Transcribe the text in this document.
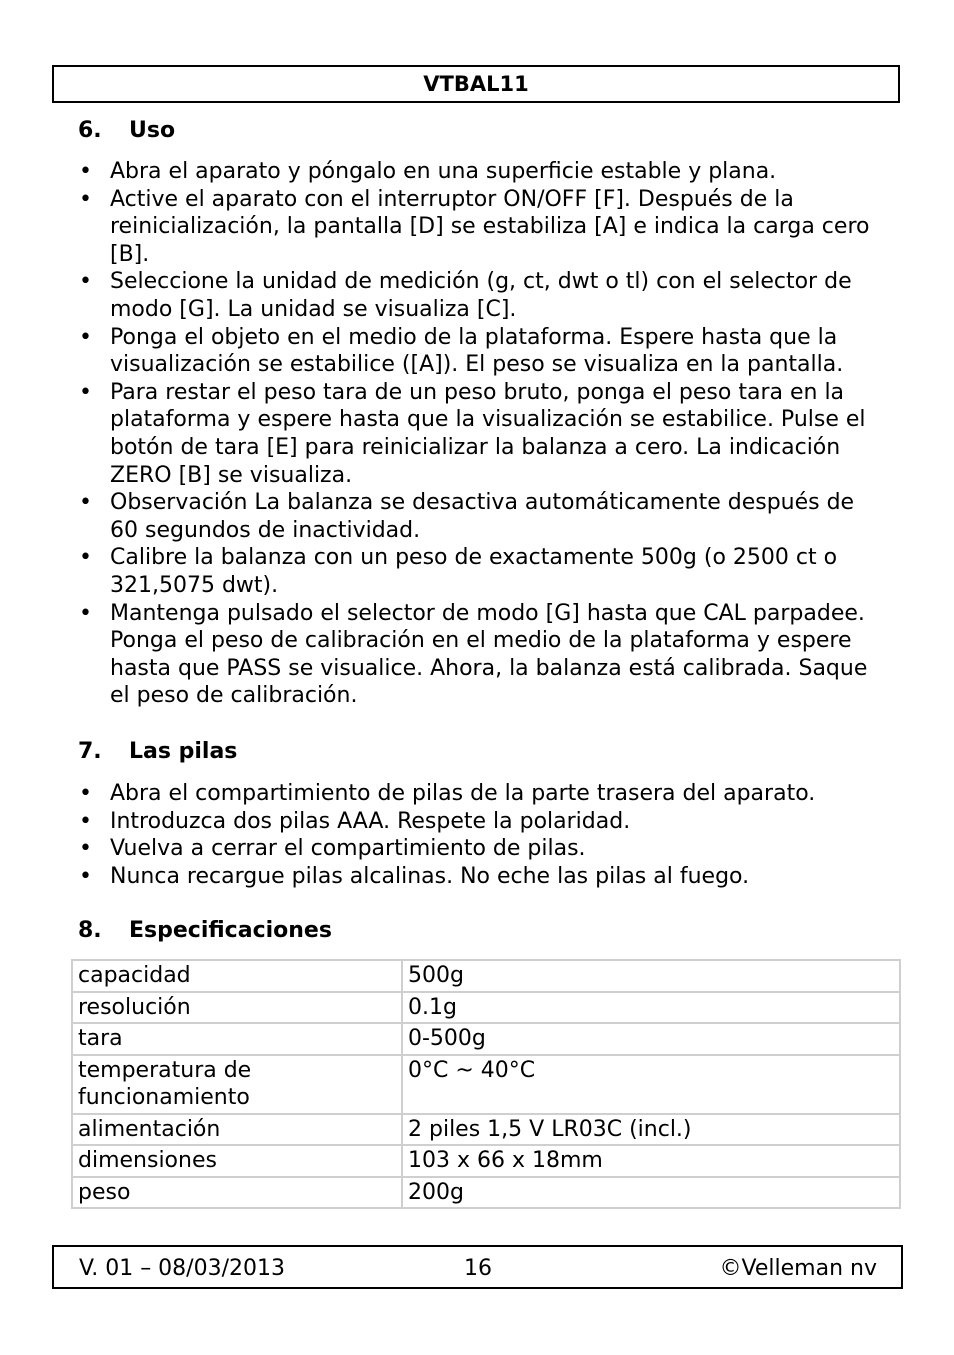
VTBAL11
6.	Uso
• Abra el aparato y póngalo en una superficie estable y plana.
• Active el aparato con el interruptor ON/OFF [F]. Después de la reinicialización, la pantalla [D] se estabiliza [A] e indica la carga cero [B].
• Seleccione la unidad de medición (g, ct, dwt o tl) con el selector de modo [G]. La unidad se visualiza [C].
• Ponga el objeto en el medio de la plataforma. Espere hasta que la visualización se estabilice ([A]). El peso se visualiza en la pantalla.
• Para restar el peso tara de un peso bruto, ponga el peso tara en la plataforma y espere hasta que la visualización se estabilice. Pulse el botón de tara [E] para reinicializar la balanza a cero. La indicación ZERO [B] se visualiza.
• Observación La balanza se desactiva automáticamente después de 60 segundos de inactividad.
• Calibre la balanza con un peso de exactamente 500g (o 2500 ct o 321,5075 dwt).
• Mantenga pulsado el selector de modo [G] hasta que CAL parpadee. Ponga el peso de calibración en el medio de la plataforma y espere hasta que PASS se visualice. Ahora, la balanza está calibrada. Saque el peso de calibración.
7.	Las pilas
• Abra el compartimiento de pilas de la parte trasera del aparato.
• Introduzca dos pilas AAA. Respete la polaridad.
• Vuelva a cerrar el compartimiento de pilas.
• Nunca recargue pilas alcalinas. No eche las pilas al fuego.
8.	Especificaciones
capacidad	500g
resolución	0.1g
tara	0-500g
temperatura de funcionamiento	0°C ~ 40°C
alimentación	2 piles 1,5 V LR03C (incl.)
dimensiones	103 x 66 x 18mm
peso	200g
V. 01 – 08/03/2013	16	©Velleman nv
